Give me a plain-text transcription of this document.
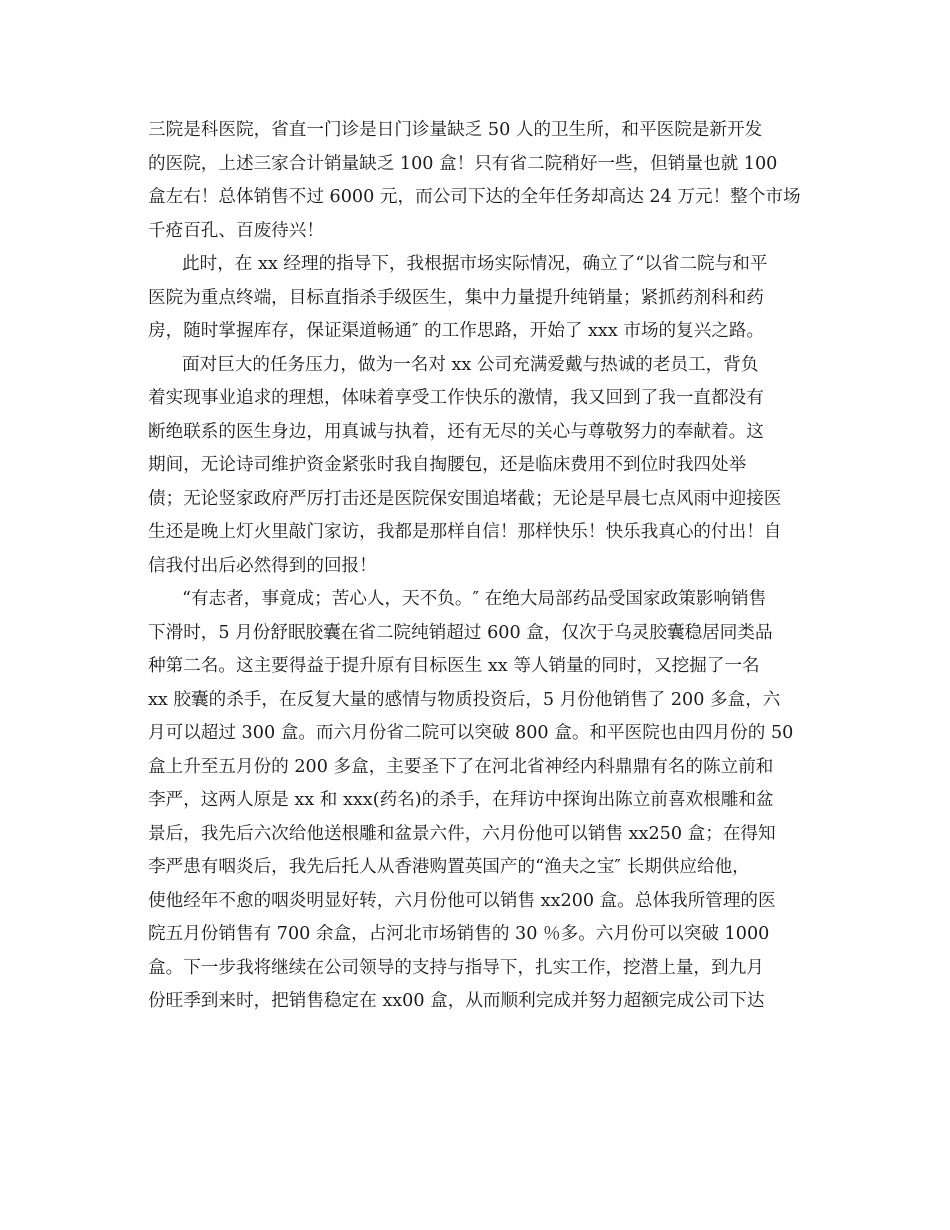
三院是科医院，省直一门诊是日门诊量缺乏 50 人的卫生所，和平医院是新开发
的医院，上述三家合计销量缺乏 100 盒！只有省二院稍好一些，但销量也就 100
盒左右！总体销售不过 6000 元，而公司下达的全年任务却高达 24 万元！整个市场
千疮百孔、百废待兴！
此时，在 xx 经理的指导下，我根据市场实际情况，确立了“以省二院与和平
医院为重点终端，目标直指杀手级医生，集中力量提升纯销量；紧抓药剂科和药
房，随时掌握库存，保证渠道畅通″ 的工作思路，开始了 xxx 市场的复兴之路。
面对巨大的任务压力，做为一名对 xx 公司充满爱戴与热诚的老员工，背负
着实现事业追求的理想，体味着享受工作快乐的激情，我又回到了我一直都没有
断绝联系的医生身边，用真诚与执着，还有无尽的关心与尊敬努力的奉献着。这
期间，无论诗司维护资金紧张时我自掏腰包，还是临床费用不到位时我四处举
债；无论竖家政府严厉打击还是医院保安围追堵截；无论是早晨七点风雨中迎接医
生还是晚上灯火里敲门家访，我都是那样自信！那样快乐！快乐我真心的付出！自
信我付出后必然得到的回报！
“有志者，事竟成；苦心人，天不负。″ 在绝大局部药品受国家政策影响销售
下滑时，5 月份舒眠胶囊在省二院纯销超过 600 盒，仅次于乌灵胶囊稳居同类品
种第二名。这主要得益于提升原有目标医生 xx 等人销量的同时，又挖掘了一名
xx 胶囊的杀手，在反复大量的感情与物质投资后，5 月份他销售了 200 多盒，六
月可以超过 300 盒。而六月份省二院可以突破 800 盒。和平医院也由四月份的 50
盒上升至五月份的 200 多盒，主要圣下了在河北省神经内科鼎鼎有名的陈立前和
李严，这两人原是 xx 和 xxx(药名)的杀手，在拜访中探询出陈立前喜欢根雕和盆
景后，我先后六次给他送根雕和盆景六件，六月份他可以销售 xx250 盒；在得知
李严患有咽炎后，我先后托人从香港购置英国产的“渔夫之宝″ 长期供应给他，
使他经年不愈的咽炎明显好转，六月份他可以销售 xx200 盒。总体我所管理的医
院五月份销售有 700 余盒，占河北市场销售的 30 ％多。六月份可以突破 1000
盒。下一步我将继续在公司领导的支持与指导下，扎实工作，挖潜上量，到九月
份旺季到来时，把销售稳定在 xx00 盒，从而顺利完成并努力超额完成公司下达
